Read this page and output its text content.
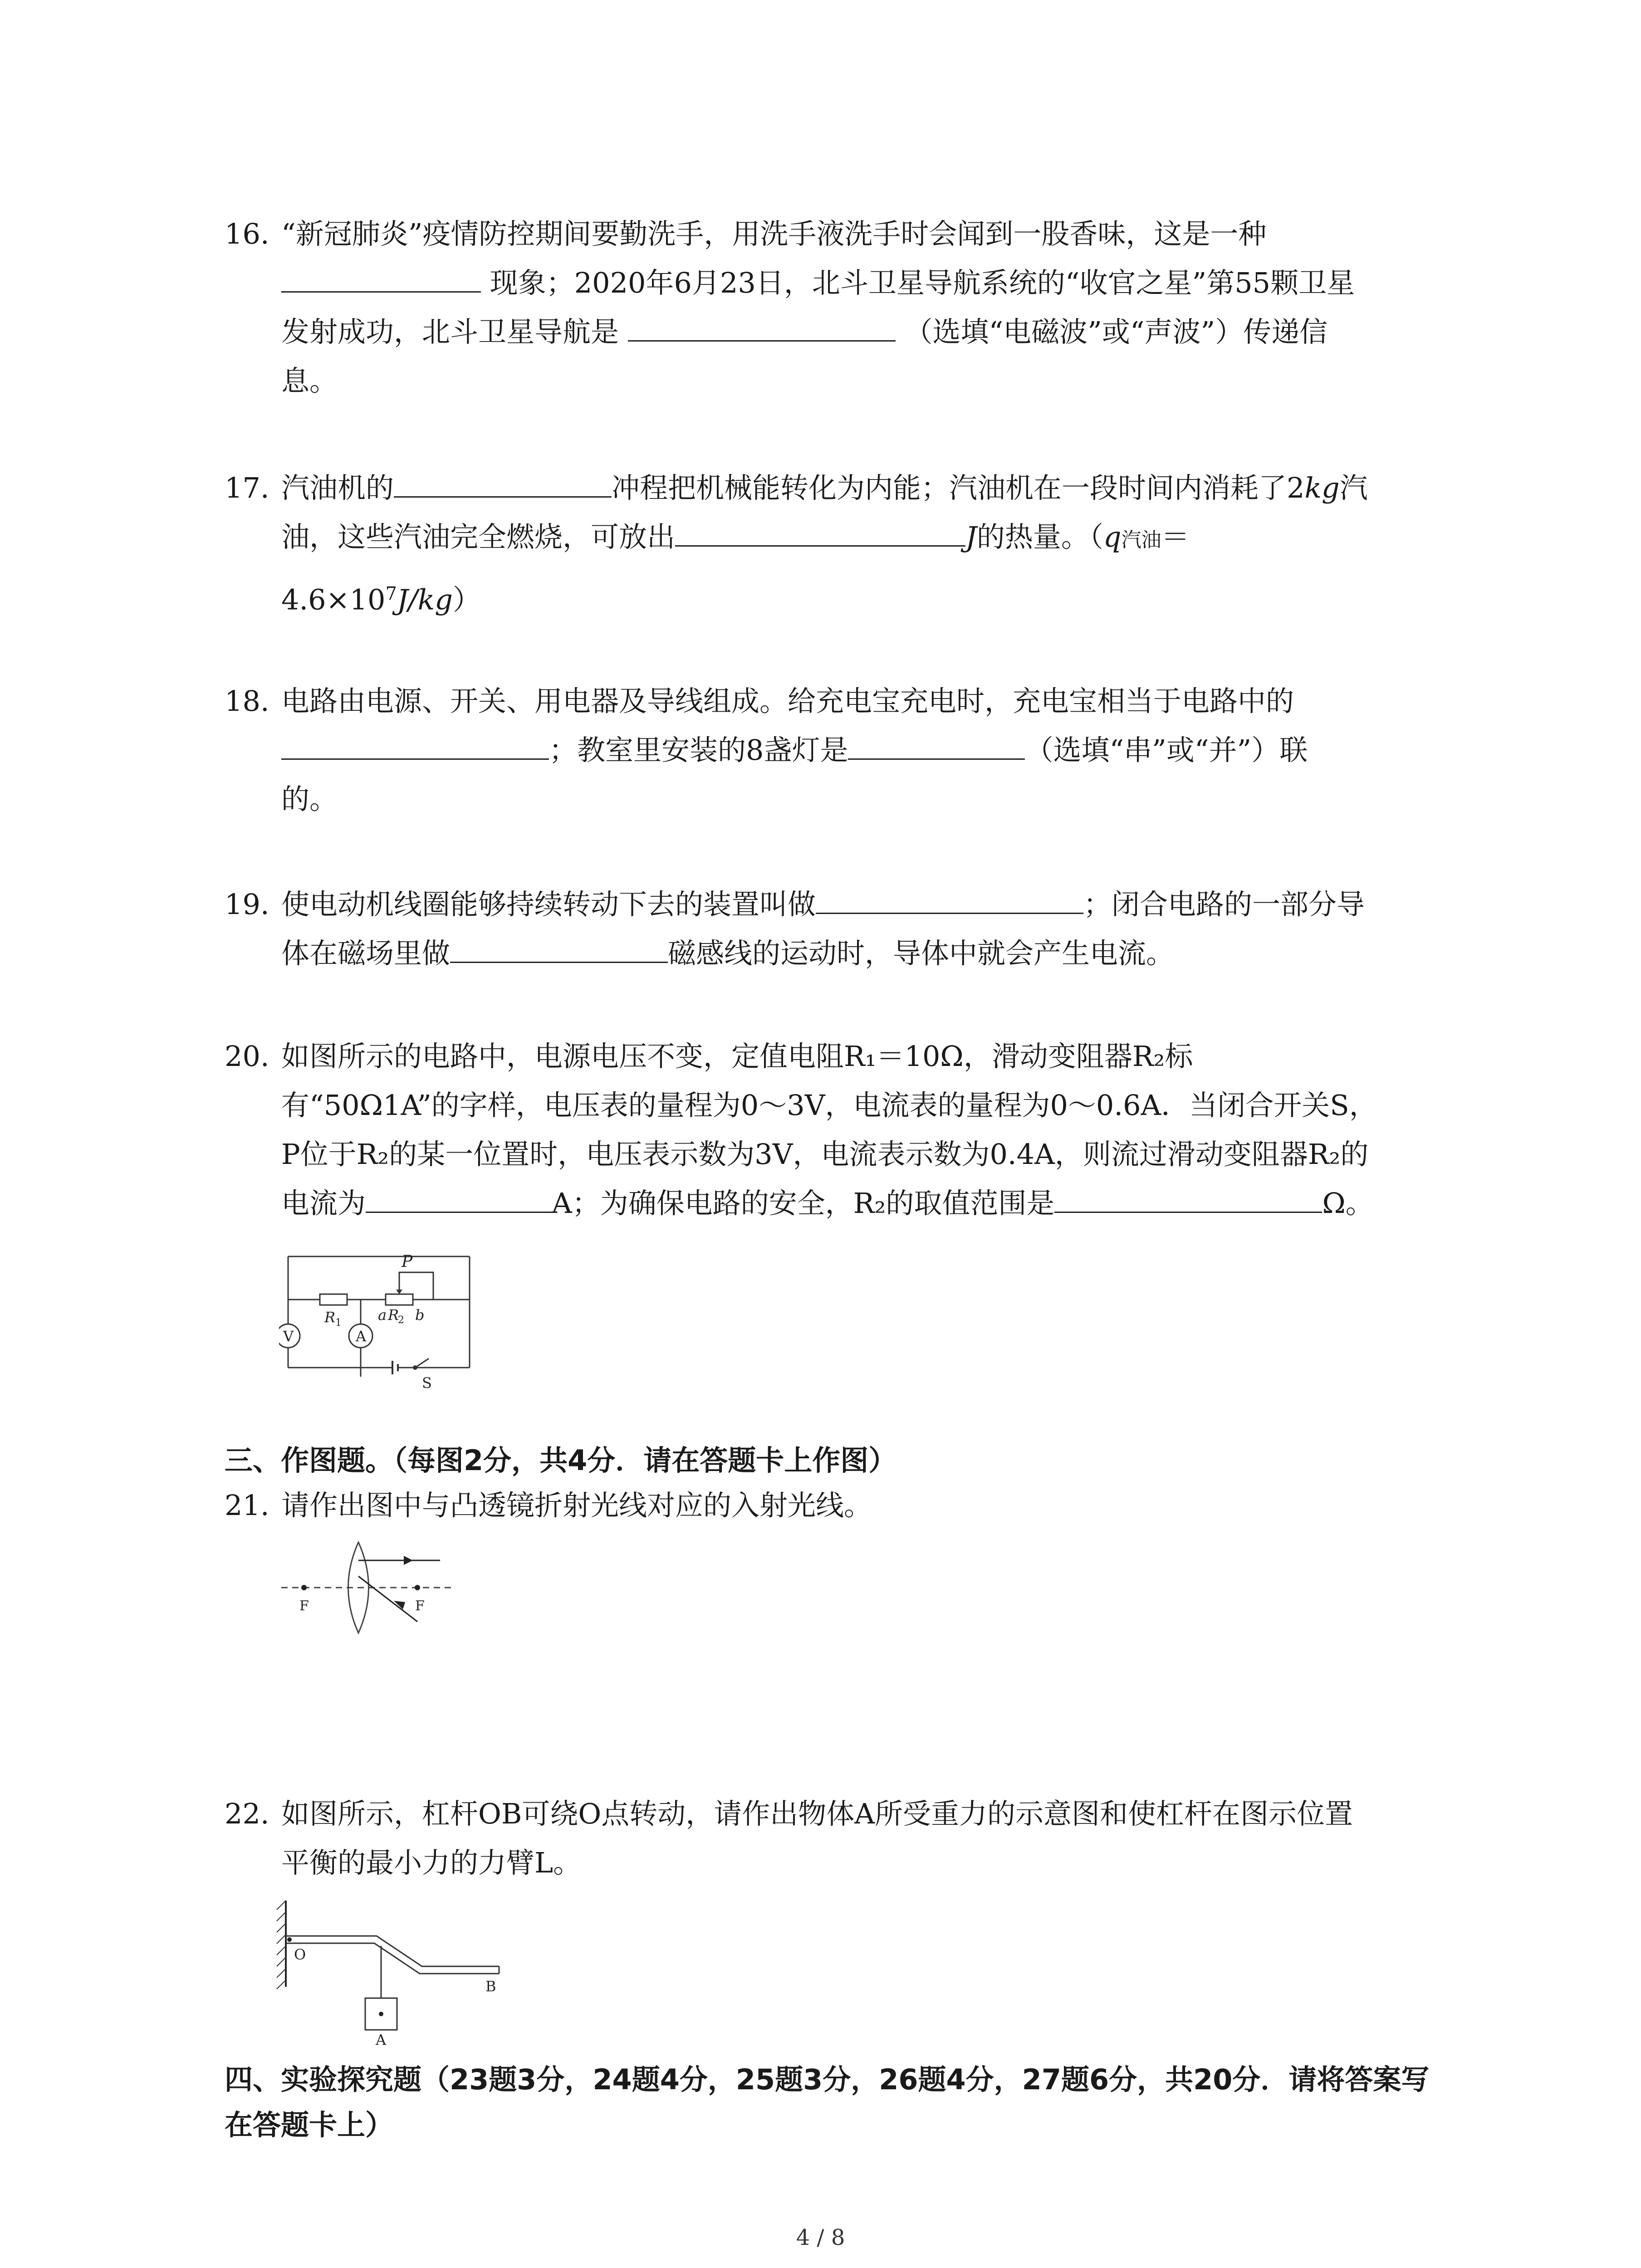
16. “新冠肺炎”疫情防控期间要勤洗手，用洗手液洗手时会闻到一股香味，这是一种
现象；2020年6月23日，北斗卫星导航系统的“收官之星”第55颗卫星
发射成功，北斗卫星导航是	（选填“电磁波”或“声波”）传递信
息。
17. 汽油机的	冲程把机械能转化为内能；汽油机在一段时间内消耗了2kg汽
油，这些汽油完全燃烧，可放出	J的热量。（q汽油＝
$4.6\times 10^7J/kg$）
18. 电路由电源、开关、用电器及导线组成。给充电宝充电时，充电宝相当于电路中的
；教室里安装的8盏灯是	（选填“串”或“并”）联
的。
19. 使电动机线圈能够持续转动下去的装置叫做	；闭合电路的一部分导
体在磁场里做	磁感线的运动时，导体中就会产生电流。
20. 如图所示的电路中，电源电压不变，定值电阻R₁＝10Ω，滑动变阻器R₂标
有“50Ω1A”的字样，电压表的量程为0～3V，电流表的量程为0～0.6A．当闭合开关S，
P位于R₂的某一位置时，电压表示数为3V，电流表示数为0.4A，则流过滑动变阻器R₂的
电流为	A；为确保电路的安全，R₂的取值范围是	Ω。
P
R 1	a R
2 b
V	A
S
三、作图题。（每图2分，共4分．请在答题卡上作图）
21. 请作出图中与凸透镜折射光线对应的入射光线。
F	F
22. 如图所示，杠杆OB可绕O点转动，请作出物体A所受重力的示意图和使杠杆在图示位置
平衡的最小力的力臂L。
O
B
A
四、实验探究题（23题3分，24题4分，25题3分，26题4分，27题6分，共20分．请将答案写
在答题卡上）
4 / 8
